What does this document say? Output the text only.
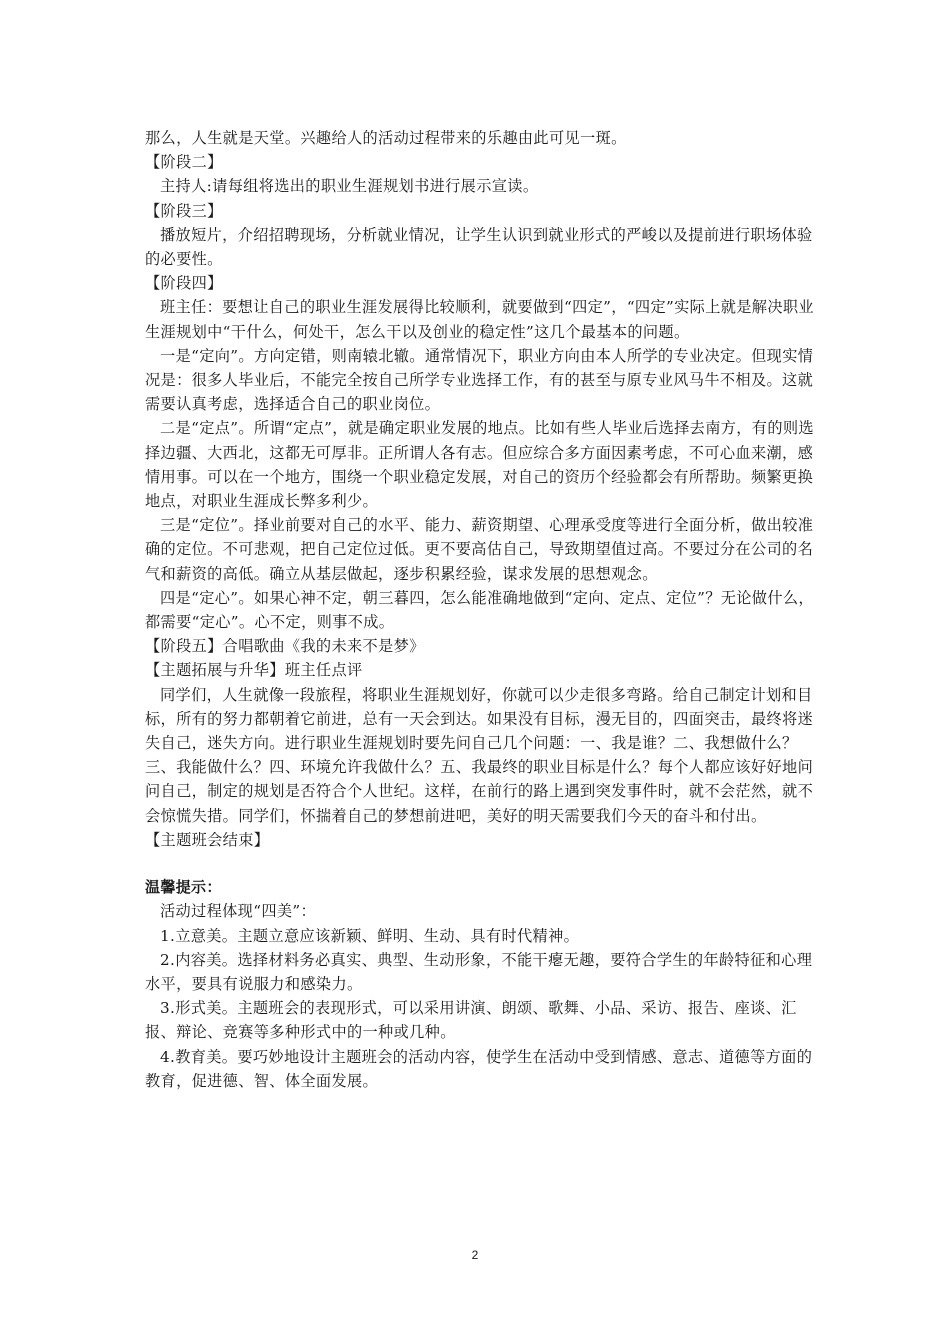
那么，人生就是天堂。兴趣给人的活动过程带来的乐趣由此可见一斑。

【阶段二】

主持人:请每组将选出的职业生涯规划书进行展示宣读。

【阶段三】

播放短片，介绍招聘现场，分析就业情况，让学生认识到就业形式的严峻以及提前进行职场体验的必要性。

【阶段四】

班主任：要想让自己的职业生涯发展得比较顺利，就要做到“四定”，“四定”实际上就是解决职业生涯规划中“干什么，何处干，怎么干以及创业的稳定性”这几个最基本的问题。

一是“定向”。方向定错，则南辕北辙。通常情况下，职业方向由本人所学的专业决定。但现实情况是：很多人毕业后，不能完全按自己所学专业选择工作，有的甚至与原专业风马牛不相及。这就需要认真考虑，选择适合自己的职业岗位。

二是“定点”。所谓“定点”，就是确定职业发展的地点。比如有些人毕业后选择去南方，有的则选择边疆、大西北，这都无可厚非。正所谓人各有志。但应综合多方面因素考虑，不可心血来潮，感情用事。可以在一个地方，围绕一个职业稳定发展，对自己的资历个经验都会有所帮助。频繁更换地点，对职业生涯成长弊多利少。

三是“定位”。择业前要对自己的水平、能力、薪资期望、心理承受度等进行全面分析，做出较准确的定位。不可悲观，把自己定位过低。更不要高估自己，导致期望值过高。不要过分在公司的名气和薪资的高低。确立从基层做起，逐步积累经验，谋求发展的思想观念。

四是“定心”。如果心神不定，朝三暮四，怎么能准确地做到“定向、定点、定位”？无论做什么，都需要“定心”。心不定，则事不成。

【阶段五】合唱歌曲《我的未来不是梦》

【主题拓展与升华】班主任点评

同学们，人生就像一段旅程，将职业生涯规划好，你就可以少走很多弯路。给自己制定计划和目标，所有的努力都朝着它前进，总有一天会到达。如果没有目标，漫无目的，四面突击，最终将迷失自己，迷失方向。进行职业生涯规划时要先问自己几个问题：一、我是谁？二、我想做什么？三、我能做什么？四、环境允许我做什么？五、我最终的职业目标是什么？每个人都应该好好地问问自己，制定的规划是否符合个人世纪。这样，在前行的路上遇到突发事件时，就不会茫然，就不会惊慌失措。同学们，怀揣着自己的梦想前进吧，美好的明天需要我们今天的奋斗和付出。

【主题班会结束】

温馨提示：

活动过程体现“四美”：

1.立意美。主题立意应该新颖、鲜明、生动、具有时代精神。

2.内容美。选择材料务必真实、典型、生动形象，不能干瘪无趣，要符合学生的年龄特征和心理水平，要具有说服力和感染力。

3.形式美。主题班会的表现形式，可以采用讲演、朗颂、歌舞、小品、采访、报告、座谈、汇报、辩论、竞赛等多种形式中的一种或几种。

4.教育美。要巧妙地设计主题班会的活动内容，使学生在活动中受到情感、意志、道德等方面的教育，促进德、智、体全面发展。

2
